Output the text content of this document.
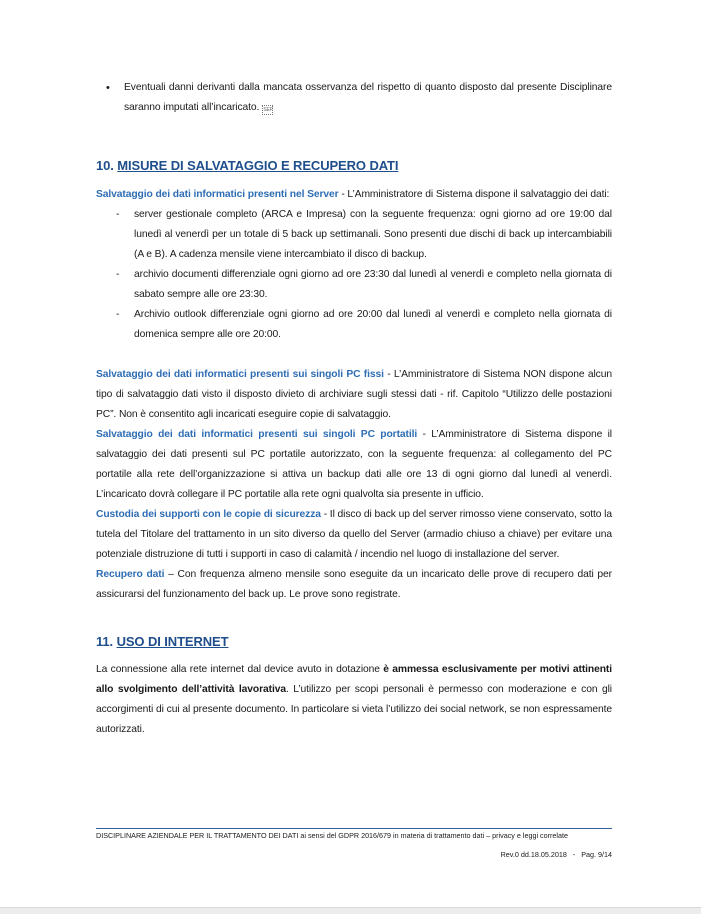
• Eventuali danni derivanti dalla mancata osservanza del rispetto di quanto disposto dal presente Disciplinare saranno imputati all’incaricato. SEP

10. MISURE DI SALVATAGGIO E RECUPERO DATI

Salvataggio dei dati informatici presenti nel Server - L’Amministratore di Sistema dispone il salvataggio dei dati:

- server gestionale completo (ARCA e Impresa) con la seguente frequenza: ogni giorno ad ore 19:00 dal lunedì al venerdì per un totale di 5 back up settimanali. Sono presenti due dischi di back up intercambiabili (A e B). A cadenza mensile viene intercambiato il disco di backup.
- archivio documenti differenziale ogni giorno ad ore 23:30 dal lunedì al venerdì e completo nella giornata di sabato sempre alle ore 23:30.
- Archivio outlook differenziale ogni giorno ad ore 20:00 dal lunedì al venerdì e completo nella giornata di domenica sempre alle ore 20:00.

Salvataggio dei dati informatici presenti sui singoli PC fissi - L’Amministratore di Sistema NON dispone alcun tipo di salvataggio dati visto il disposto divieto di archiviare sugli stessi dati - rif. Capitolo “Utilizzo delle postazioni PC”. Non è consentito agli incaricati eseguire copie di salvataggio.

Salvataggio dei dati informatici presenti sui singoli PC portatili - L’Amministratore di Sistema dispone il salvataggio dei dati presenti sul PC portatile autorizzato, con la seguente frequenza: al collegamento del PC portatile alla rete dell’organizzazione si attiva un backup dati alle ore 13 di ogni giorno dal lunedì al venerdì. L’incaricato dovrà collegare il PC portatile alla rete ogni qualvolta sia presente in ufficio.

Custodia dei supporti con le copie di sicurezza - Il disco di back up del server rimosso viene conservato, sotto la tutela del Titolare del trattamento in un sito diverso da quello del Server (armadio chiuso a chiave) per evitare una potenziale distruzione di tutti i supporti in caso di calamità / incendio nel luogo di installazione del server.

Recupero dati – Con frequenza almeno mensile sono eseguite da un incaricato delle prove di recupero dati per assicurarsi del funzionamento del back up. Le prove sono registrate.

11. USO DI INTERNET

La connessione alla rete internet dal device avuto in dotazione è ammessa esclusivamente per motivi attinenti allo svolgimento dell’attività lavorativa. L’utilizzo per scopi personali è permesso con moderazione e con gli accorgimenti di cui al presente documento. In particolare si vieta l’utilizzo dei social network, se non espressamente autorizzati.

DISCIPLINARE AZIENDALE PER IL TRATTAMENTO DEI DATI ai sensi del GDPR 2016/679 in materia di trattamento dati – privacy e leggi correlate
Rev.0 dd.18.05.2018 - Pag. 9/14
